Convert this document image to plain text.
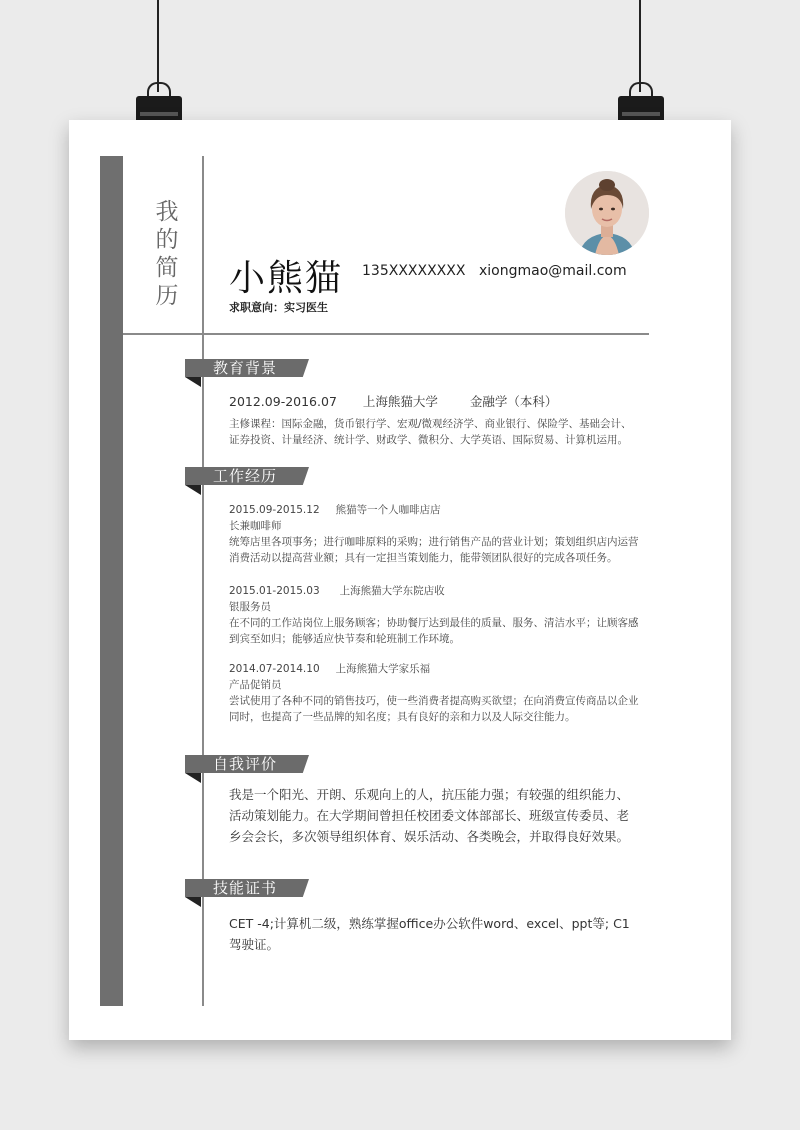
我
的
简
历 小熊猫 135XXXXXXXX xiongmao@mail.com
求职意向：实习医生
教育背景
2012.09-2016.07 上海熊猫大学	金融学（本科）
主修课程：国际金融，货币银行学、宏观/微观经济学、商业银行、保险学、基础会计、证券投资、计量经济、统计学、财政学、微积分、大学英语、国际贸易、计算机运用。
工作经历
2015.09-2015.12 熊猫等一个人咖啡店店
长兼咖啡师
统筹店里各项事务；进行咖啡原料的采购；进行销售产品的营业计划；策划组织店内运营消费活动以提高营业额；具有一定担当策划能力，能带领团队很好的完成各项任务。
2015.01-2015.03 上海熊猫大学东院店收
银服务员
在不同的工作站岗位上服务顾客；协助餐厅达到最佳的质量、服务、清洁水平；让顾客感到宾至如归；能够适应快节奏和轮班制工作环境。
2014.07-2014.10 上海熊猫大学家乐福
产品促销员
尝试使用了各种不同的销售技巧，使一些消费者提高购买欲望；在向消费宣传商品以企业同时，也提高了一些品牌的知名度；具有良好的亲和力以及人际交往能力。
自我评价
我是一个阳光、开朗、乐观向上的人，抗压能力强；有较强的组织能力、活动策划能力。在大学期间曾担任校团委文体部部长、班级宣传委员、老乡会会长，多次领导组织体育、娱乐活动、各类晚会，并取得良好效果。
技能证书
CET -4;计算机二级，熟练掌握office办公软件word、excel、ppt等; C1驾驶证。
